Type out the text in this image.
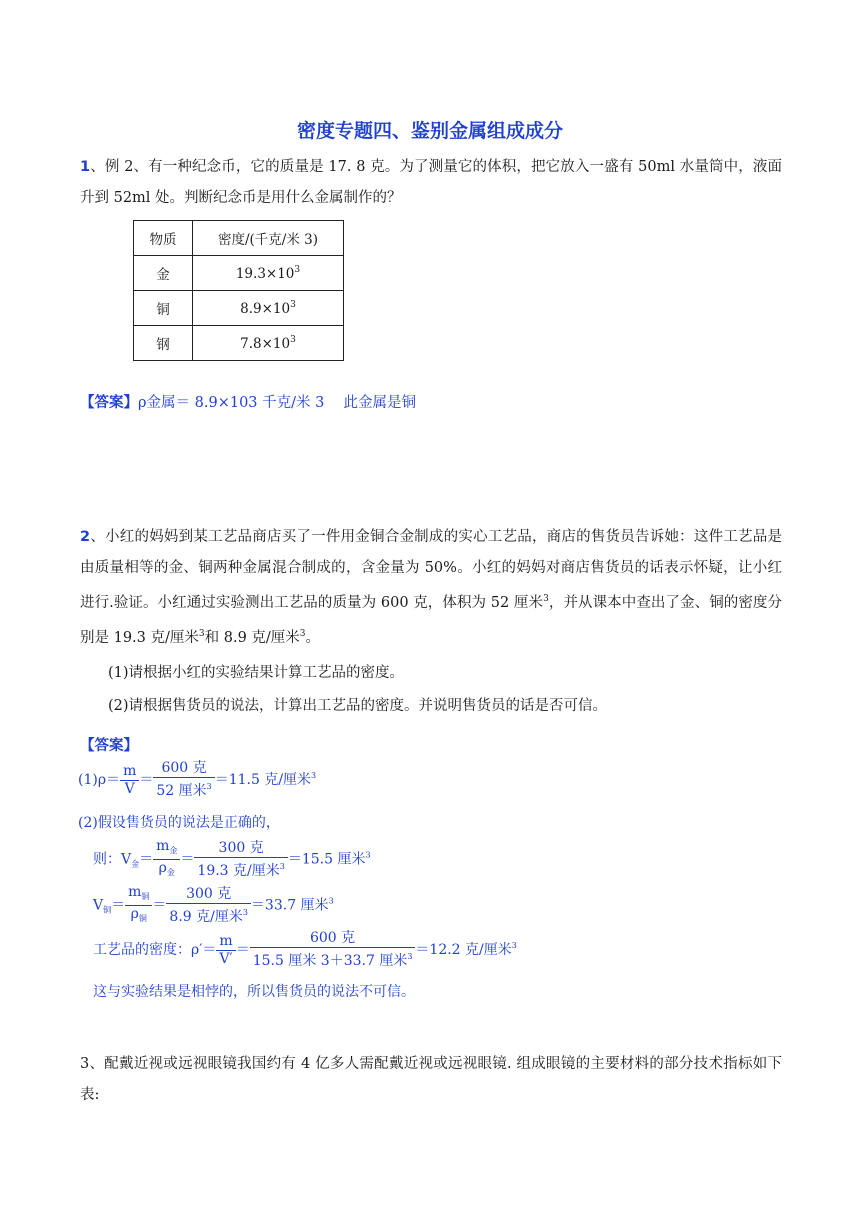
密度专题四、鉴别金属组成成分
1、例 2、有一种纪念币，它的质量是 17. 8 克。为了测量它的体积，把它放入一盛有 50ml 水量筒中，液面升到 52ml 处。判断纪念币是用什么金属制作的？
物质	密度/(千克/米 3)
金	$19.3\times 10^3$
铜	$8.9\times 10^3$
钢	$7.8\times 10^3$
【答案】ρ金属＝ 8.9×103 千克/米 3　 此金属是铜
2、小红的妈妈到某工艺品商店买了一件用金铜合金制成的实心工艺品，商店的售货员告诉她：这件工艺品是由质量相等的金、铜两种金属混合制成的，含金量为 50%。小红的妈妈对商店售货员的话表示怀疑，让小红进行.验证。小红通过实验测出工艺品的质量为 600 克，体积为 52 厘米$^3$，并从课本中查出了金、铜的密度分别是 19.3 克/厘米$^3$和 8.9 克/厘米$^3$。
(1)请根据小红的实验结果计算工艺品的密度。
(2)请根据售货员的说法，计算出工艺品的密度。并说明售货员的话是否可信。
【答案】
$(1)\rho= \frac{m}{V} = \frac{\text{600 克}}{52 厘米^3} =11.5$ 克/厘米$^3$
(2)假设售货员的说法是正确的，
则：$V_金= \frac{m_金}{\rho_金} = \frac{\text{300 克}}{19.3 克/厘米^3} =15.5$ 厘米$^3$
$V_铜= \frac{m_铜}{\rho_铜} = \frac{\text{300 克}}{8.9 克/厘米^3} =33.7$ 厘米$^3$
工艺品的密度：$\rho'= \frac{m}{V'} = \frac{\text{600 克}}{15.5 厘米 3+33.7 厘米^3} =12.2$ 克/厘米$^3$
这与实验结果是相悖的，所以售货员的说法不可信。
3、配戴近视或远视眼镜我国约有 4 亿多人需配戴近视或远视眼镜. 组成眼镜的主要材料的部分技术指标如下表:
